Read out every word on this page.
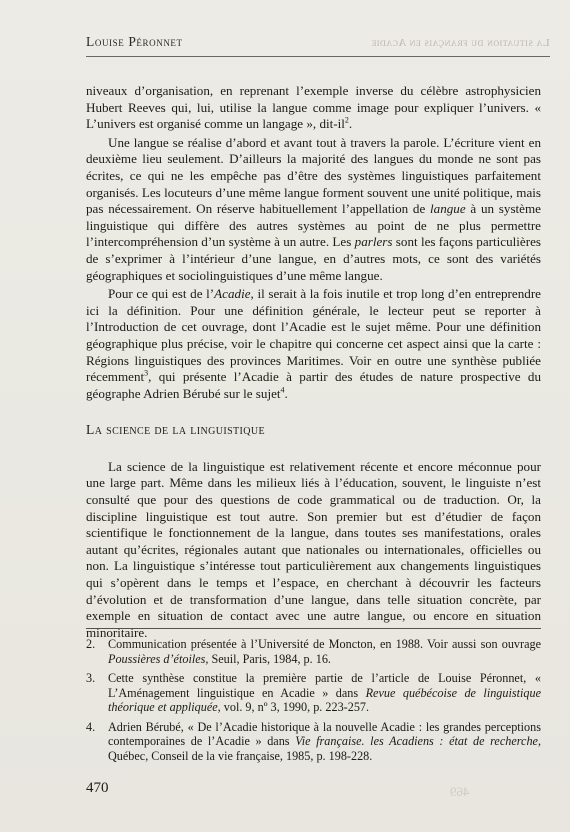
Louise Péronnet	La situation du français en Acadie

niveaux d’organisation, en reprenant l’exemple inverse du célèbre astrophysicien Hubert Reeves qui, lui, utilise la langue comme image pour expliquer l’univers. « L’univers est organisé comme un langage », dit-$il^2$.

Une langue se réalise d’abord et avant tout à travers la parole. L’écriture vient en deuxième lieu seulement. D’ailleurs la majorité des langues du monde ne sont pas écrites, ce qui ne les empêche pas d’être des systèmes linguistiques parfaitement organisés. Les locuteurs d’une même langue forment souvent une unité politique, mais pas nécessairement. On réserve habituellement l’appellation de langue à un système linguistique qui diffère des autres systèmes au point de ne plus permettre l’intercompréhension d’un système à un autre. Les parlers sont les façons particulières de s’exprimer à l’intérieur d’une langue, en d’autres mots, ce sont des variétés géographiques et sociolinguistiques d’une même langue.

Pour ce qui est de l’Acadie, il serait à la fois inutile et trop long d’en entreprendre ici la définition. Pour une définition générale, le lecteur peut se reporter à l’Introduction de cet ouvrage, dont l’Acadie est le sujet même. Pour une définition géographique plus précise, voir le chapitre qui concerne cet aspect ainsi que la carte : Régions linguistiques des provinces Maritimes. Voir en outre une synthèse publiée récemment$^3$, qui présente l’Acadie à partir des études de nature prospective du géographe Adrien Bérubé sur le sujet$^4$.

La science de la linguistique

La science de la linguistique est relativement récente et encore méconnue pour une large part. Même dans les milieux liés à l’éducation, souvent, le linguiste n’est consulté que pour des questions de code grammatical ou de traduction. Or, la discipline linguistique est tout autre. Son premier but est d’étudier de façon scientifique le fonctionnement de la langue, dans toutes ses manifestations, orales autant qu’écrites, régionales autant que nationales ou internationales, officielles ou non. La linguistique s’intéresse tout particulièrement aux changements linguistiques qui s’opèrent dans le temps et l’espace, en cherchant à découvrir les facteurs d’évolution et de transformation d’une langue, dans telle situation concrète, par exemple en situation de contact avec une autre langue, ou encore en situation minoritaire.

2.	Communication présentée à l’Université de Moncton, en 1988. Voir aussi son ouvrage Poussières d’étoiles, Seuil, Paris, 1984, p. 16.
3.	Cette synthèse constitue la première partie de l’article de Louise Péronnet, « L’Aménagement linguistique en Acadie » dans Revue québécoise de linguistique théorique et appliquée, vol. 9, nº 3, 1990, p. 223-257.
4.	Adrien Bérubé, « De l’Acadie historique à la nouvelle Acadie : les grandes perceptions contemporaines de l’Acadie » dans Vie française. les Acadiens : état de recherche, Québec, Conseil de la vie française, 1985, p. 198-228.
470	469
